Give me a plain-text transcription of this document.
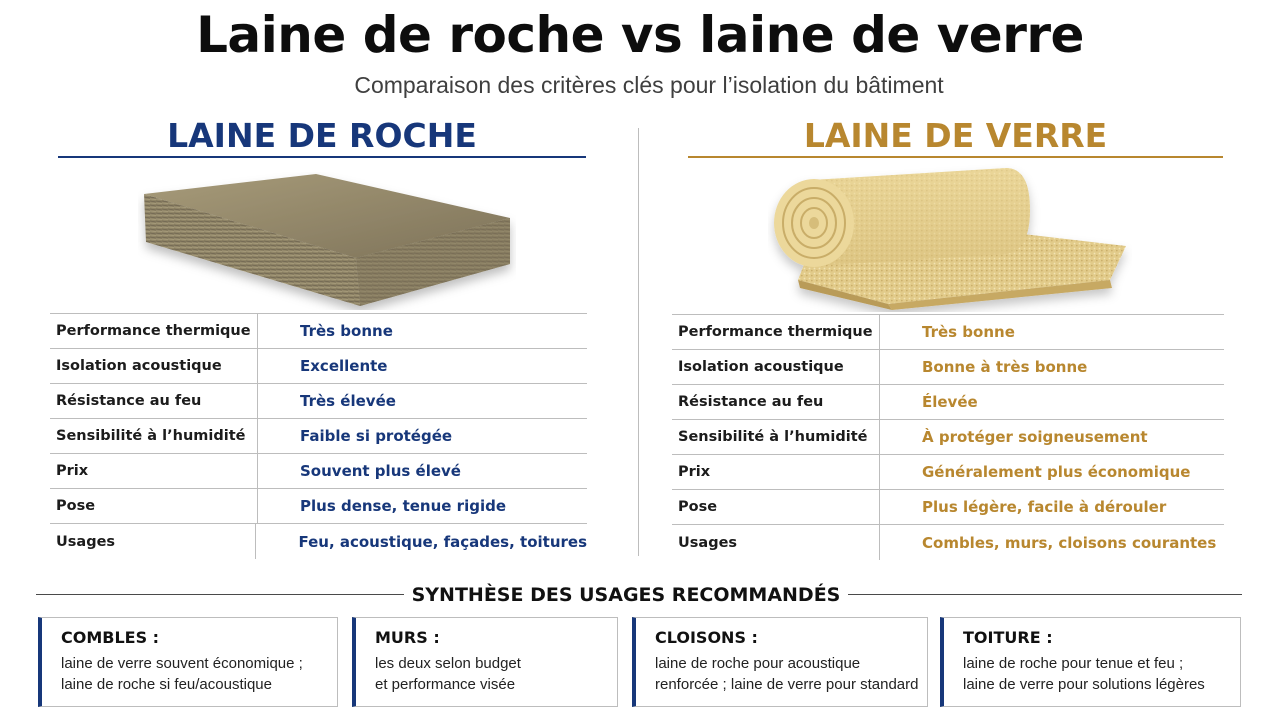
Laine de roche vs laine de verre
Comparaison des critères clés pour l’isolation du bâtiment
LAINE DE ROCHE
Performance thermique	Très bonne
Isolation acoustique	Excellente
Résistance au feu	Très élevée
Sensibilité à l’humidité	Faible si protégée
Prix	Souvent plus élevé
Pose	Plus dense, tenue rigide
Usages	Feu, acoustique, façades, toitures
LAINE DE VERRE
Performance thermique	Très bonne
Isolation acoustique	Bonne à très bonne
Résistance au feu	Élevée
Sensibilité à l’humidité	À protéger soigneusement
Prix	Généralement plus économique
Pose	Plus légère, facile à dérouler
Usages	Combles, murs, cloisons courantes
SYNTHÈSE DES USAGES RECOMMANDÉS
COMBLES :
laine de verre souvent économique ;
laine de roche si feu/acoustique
MURS :
les deux selon budget
et performance visée
CLOISONS :
laine de roche pour acoustique
renforcée ; laine de verre pour standard
TOITURE :
laine de roche pour tenue et feu ;
laine de verre pour solutions légères
